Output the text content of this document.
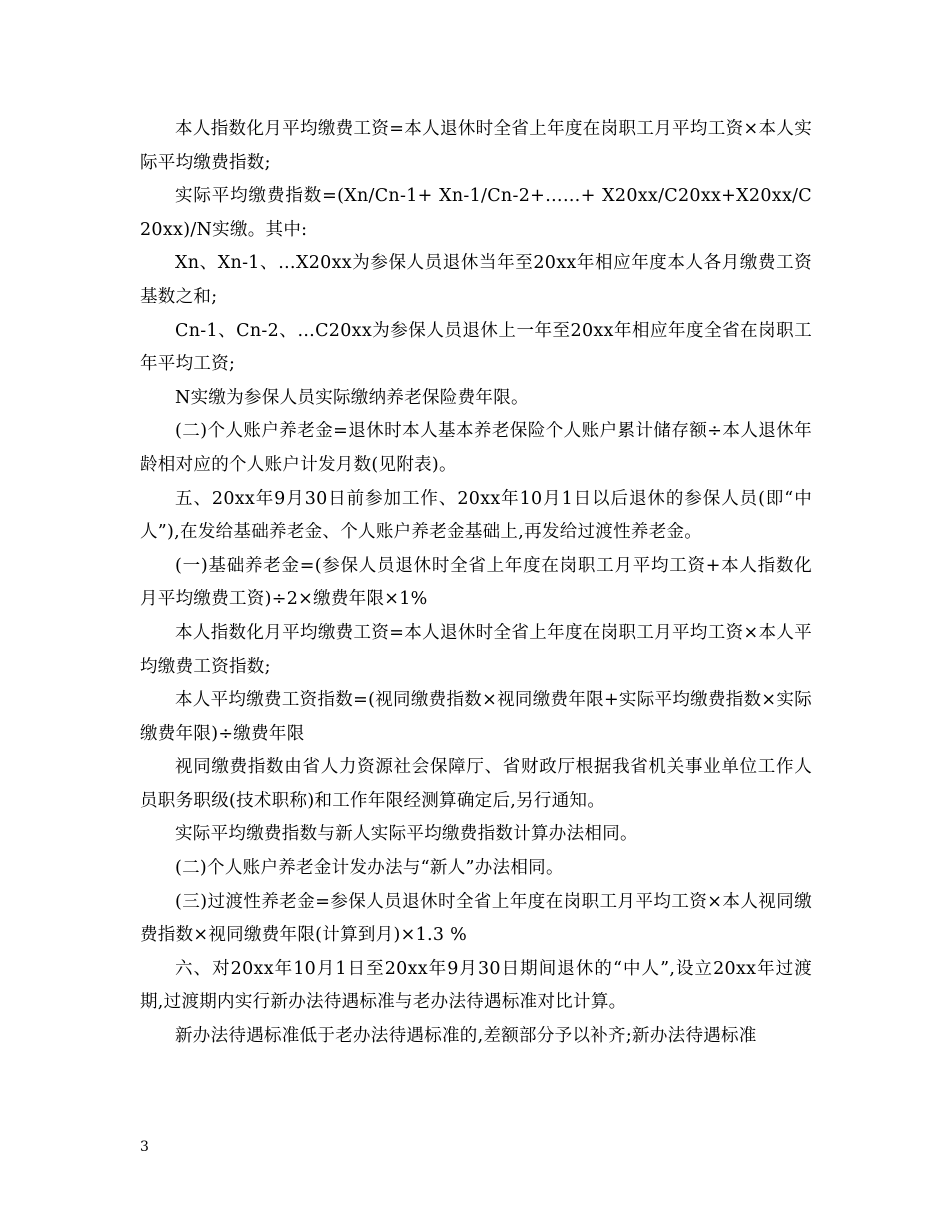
本人指数化月平均缴费工资=本人退休时全省上年度在岗职工月平均工资×本人实际平均缴费指数;

实际平均缴费指数=(Xn/Cn-1+ Xn-1/Cn-2+……+ X20xx/C20xx+X20xx/C20xx)/N实缴。其中:

Xn、Xn-1、…X20xx为参保人员退休当年至20xx年相应年度本人各月缴费工资基数之和;

Cn-1、Cn-2、…C20xx为参保人员退休上一年至20xx年相应年度全省在岗职工年平均工资;

N实缴为参保人员实际缴纳养老保险费年限。

(二)个人账户养老金=退休时本人基本养老保险个人账户累计储存额÷本人退休年龄相对应的个人账户计发月数(见附表)。

五、20xx年9月30日前参加工作、20xx年10月1日以后退休的参保人员(即“中人”),在发给基础养老金、个人账户养老金基础上,再发给过渡性养老金。

(一)基础养老金=(参保人员退休时全省上年度在岗职工月平均工资+本人指数化月平均缴费工资)÷2×缴费年限×1%

本人指数化月平均缴费工资=本人退休时全省上年度在岗职工月平均工资×本人平均缴费工资指数;

本人平均缴费工资指数=(视同缴费指数×视同缴费年限+实际平均缴费指数×实际缴费年限)÷缴费年限

视同缴费指数由省人力资源社会保障厅、省财政厅根据我省机关事业单位工作人员职务职级(技术职称)和工作年限经测算确定后,另行通知。

实际平均缴费指数与新人实际平均缴费指数计算办法相同。

(二)个人账户养老金计发办法与“新人”办法相同。

(三)过渡性养老金=参保人员退休时全省上年度在岗职工月平均工资×本人视同缴费指数×视同缴费年限(计算到月)×1.3 %

六、对20xx年10月1日至20xx年9月30日期间退休的“中人”,设立20xx年过渡期,过渡期内实行新办法待遇标准与老办法待遇标准对比计算。

新办法待遇标准低于老办法待遇标准的,差额部分予以补齐;新办法待遇标准

3
